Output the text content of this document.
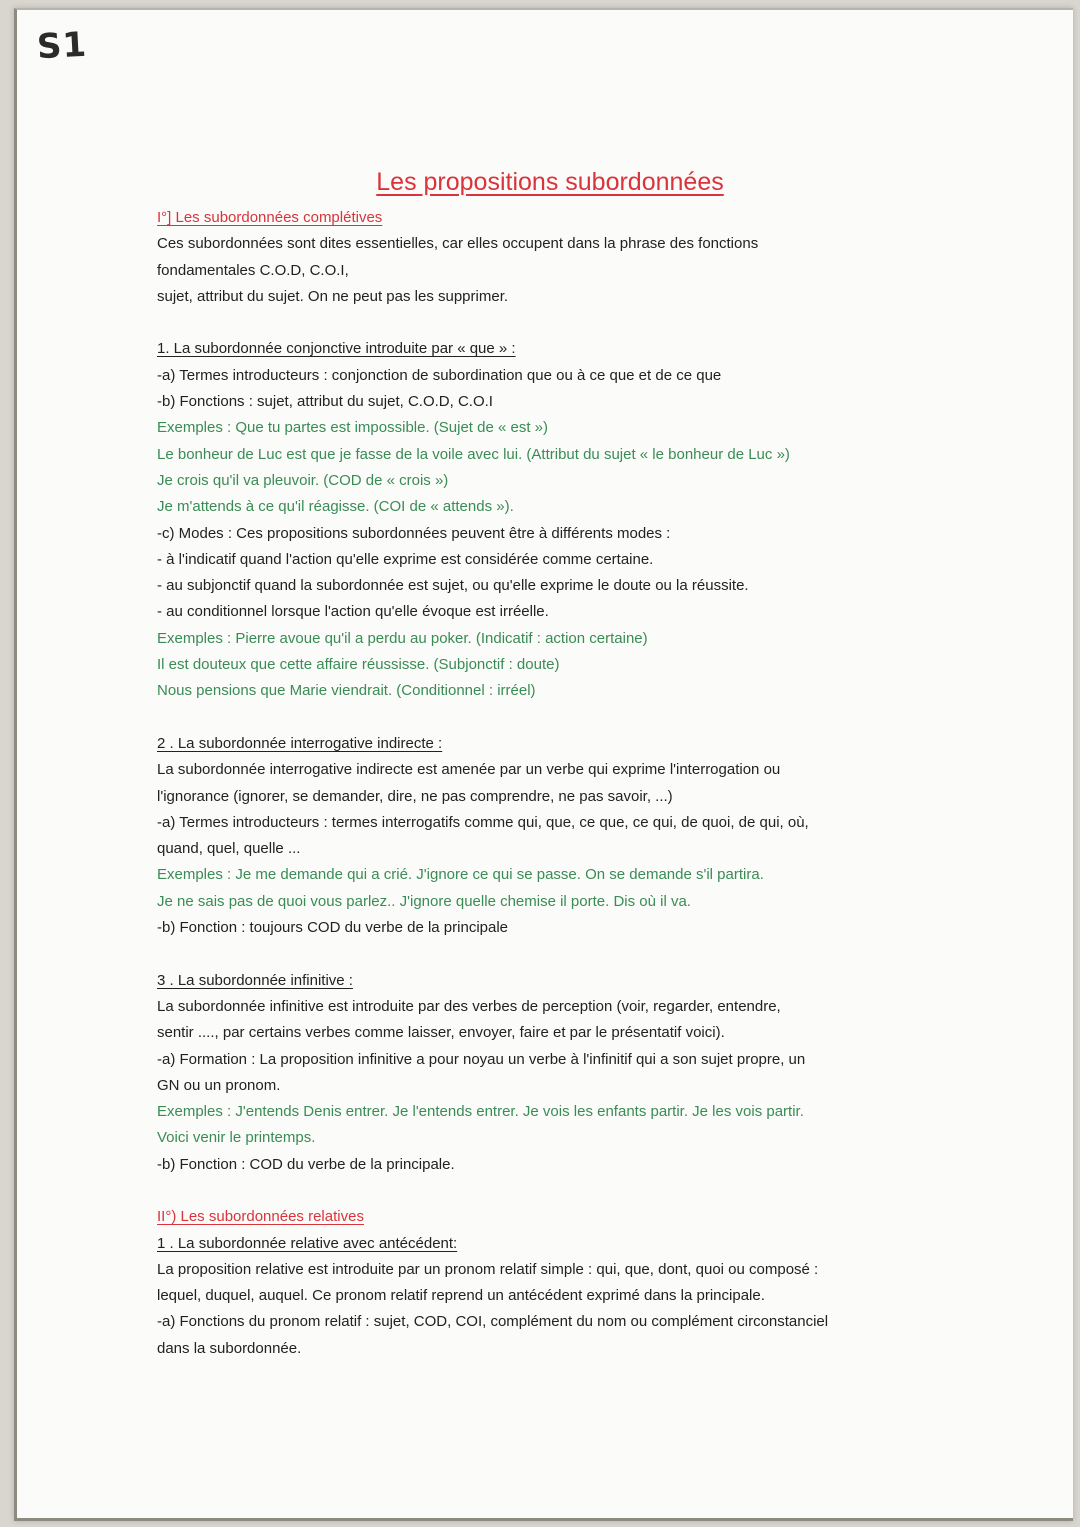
S1
Les propositions subordonnées
I°] Les subordonnées complétives
Ces subordonnées sont dites essentielles, car elles occupent dans la phrase des fonctions
fondamentales C.O.D, C.O.I,
sujet, attribut du sujet. On ne peut pas les supprimer.
1. La subordonnée conjonctive introduite par « que » :
-a) Termes introducteurs : conjonction de subordination que ou à ce que et de ce que
-b) Fonctions : sujet, attribut du sujet, C.O.D, C.O.I
Exemples : Que tu partes est impossible. (Sujet de « est »)
Le bonheur de Luc est que je fasse de la voile avec lui. (Attribut du sujet « le bonheur de Luc »)
Je crois qu'il va pleuvoir. (COD de « crois »)
Je m'attends à ce qu'il réagisse. (COI de « attends »).
-c) Modes : Ces propositions subordonnées peuvent être à différents modes :
- à l'indicatif quand l'action qu'elle exprime est considérée comme certaine.
- au subjonctif quand la subordonnée est sujet, ou qu'elle exprime le doute ou la réussite.
- au conditionnel lorsque l'action qu'elle évoque est irréelle.
Exemples : Pierre avoue qu'il a perdu au poker. (Indicatif : action certaine)
Il est douteux que cette affaire réussisse. (Subjonctif : doute)
Nous pensions que Marie viendrait. (Conditionnel : irréel)
2 . La subordonnée interrogative indirecte :
La subordonnée interrogative indirecte est amenée par un verbe qui exprime l'interrogation ou
l'ignorance (ignorer, se demander, dire, ne pas comprendre, ne pas savoir, ...)
-a) Termes introducteurs : termes interrogatifs comme qui, que, ce que, ce qui, de quoi, de qui, où,
quand, quel, quelle ...
Exemples : Je me demande qui a crié. J'ignore ce qui se passe. On se demande s'il partira.
Je ne sais pas de quoi vous parlez.. J'ignore quelle chemise il porte. Dis où il va.
-b) Fonction : toujours COD du verbe de la principale
3 . La subordonnée infinitive :
La subordonnée infinitive est introduite par des verbes de perception (voir, regarder, entendre,
sentir ...., par certains verbes comme laisser, envoyer, faire et par le présentatif voici).
-a) Formation : La proposition infinitive a pour noyau un verbe à l'infinitif qui a son sujet propre, un
GN ou un pronom.
Exemples : J'entends Denis entrer. Je l'entends entrer. Je vois les enfants partir. Je les vois partir.
Voici venir le printemps.
-b) Fonction : COD du verbe de la principale.
II°) Les subordonnées relatives
1 . La subordonnée relative avec antécédent:
La proposition relative est introduite par un pronom relatif simple : qui, que, dont, quoi ou composé :
lequel, duquel, auquel. Ce pronom relatif reprend un antécédent exprimé dans la principale.
-a) Fonctions du pronom relatif : sujet, COD, COI, complément du nom ou complément circonstanciel
dans la subordonnée.
